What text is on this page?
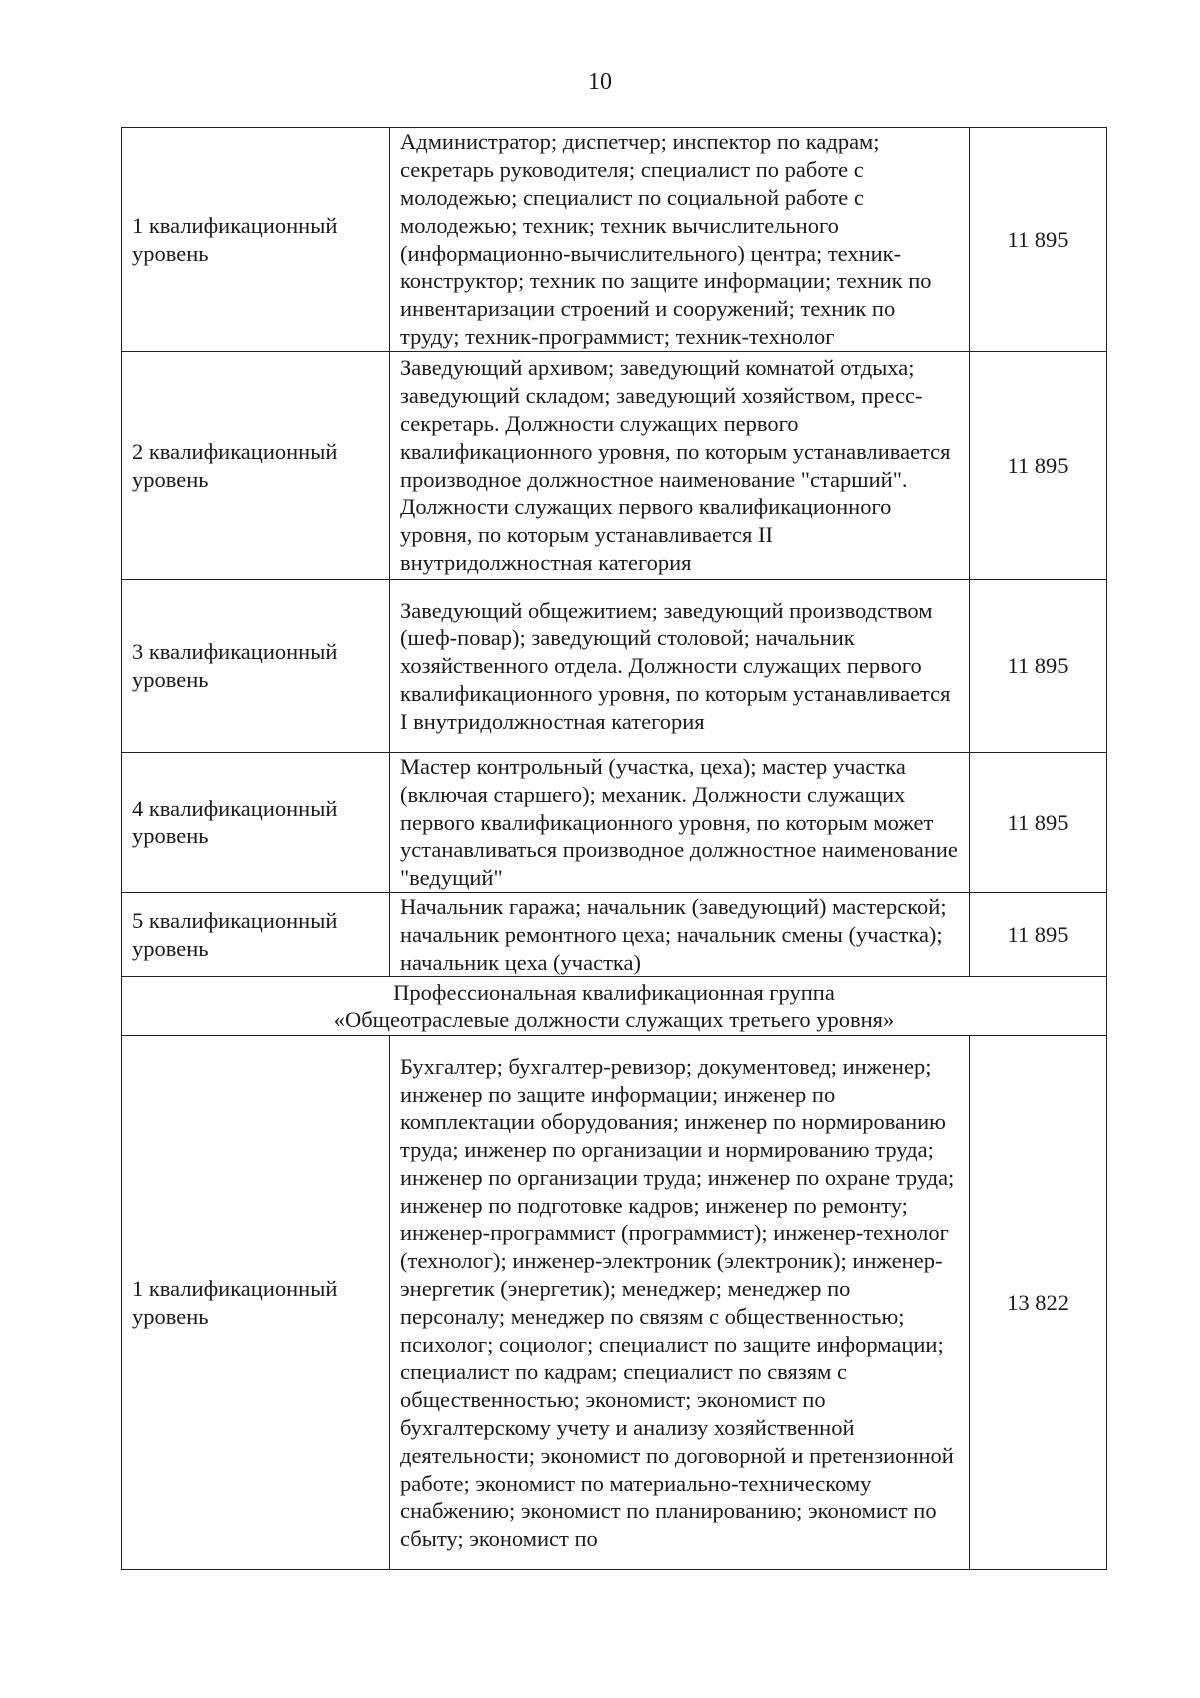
10
1 квалификационный уровень	Администратор; диспетчер; инспектор по кадрам; секретарь руководителя; специалист по работе с молодежью; специалист по социальной работе с молодежью; техник; техник вычислительного (информационно-вычислительного) центра; техник-конструктор; техник по защите информации; техник по инвентаризации строений и сооружений; техник по труду; техник-программист; техник-технолог	11 895
2 квалификационный уровень	Заведующий архивом; заведующий комнатой отдыха; заведующий складом; заведующий хозяйством, пресс-секретарь. Должности служащих первого квалификационного уровня, по которым устанавливается производное должностное наименование "старший". Должности служащих первого квалификационного уровня, по которым устанавливается II внутридолжностная категория	11 895
3 квалификационный уровень	Заведующий общежитием; заведующий производством (шеф-повар); заведующий столовой; начальник хозяйственного отдела. Должности служащих первого квалификационного уровня, по которым устанавливается I внутридолжностная категория	11 895
4 квалификационный уровень	Мастер контрольный (участка, цеха); мастер участка (включая старшего); механик. Должности служащих первого квалификационного уровня, по которым может устанавливаться производное должностное наименование "ведущий"	11 895
5 квалификационный уровень	Начальник гаража; начальник (заведующий) мастерской; начальник ремонтного цеха; начальник смены (участка); начальник цеха (участка)	11 895

Профессиональная квалификационная группа
«Общеотраслевые должности служащих третьего уровня»		

1 квалификационный уровень	Бухгалтер; бухгалтер-ревизор; документовед; инженер; инженер по защите информации; инженер по комплектации оборудования; инженер по нормированию труда; инженер по организации и нормированию труда; инженер по организации труда; инженер по охране труда; инженер по подготовке кадров; инженер по ремонту; инженер-программист (программист); инженер-технолог (технолог); инженер-электроник (электроник); инженер-энергетик (энергетик); менеджер; менеджер по персоналу; менеджер по связям с общественностью; психолог; социолог; специалист по защите информации; специалист по кадрам; специалист по связям с общественностью; экономист; экономист по бухгалтерскому учету и анализу хозяйственной деятельности; экономист по договорной и претензионной работе; экономист по материально-техническому снабжению; экономист по планированию; экономист по сбыту; экономист по	13 822
